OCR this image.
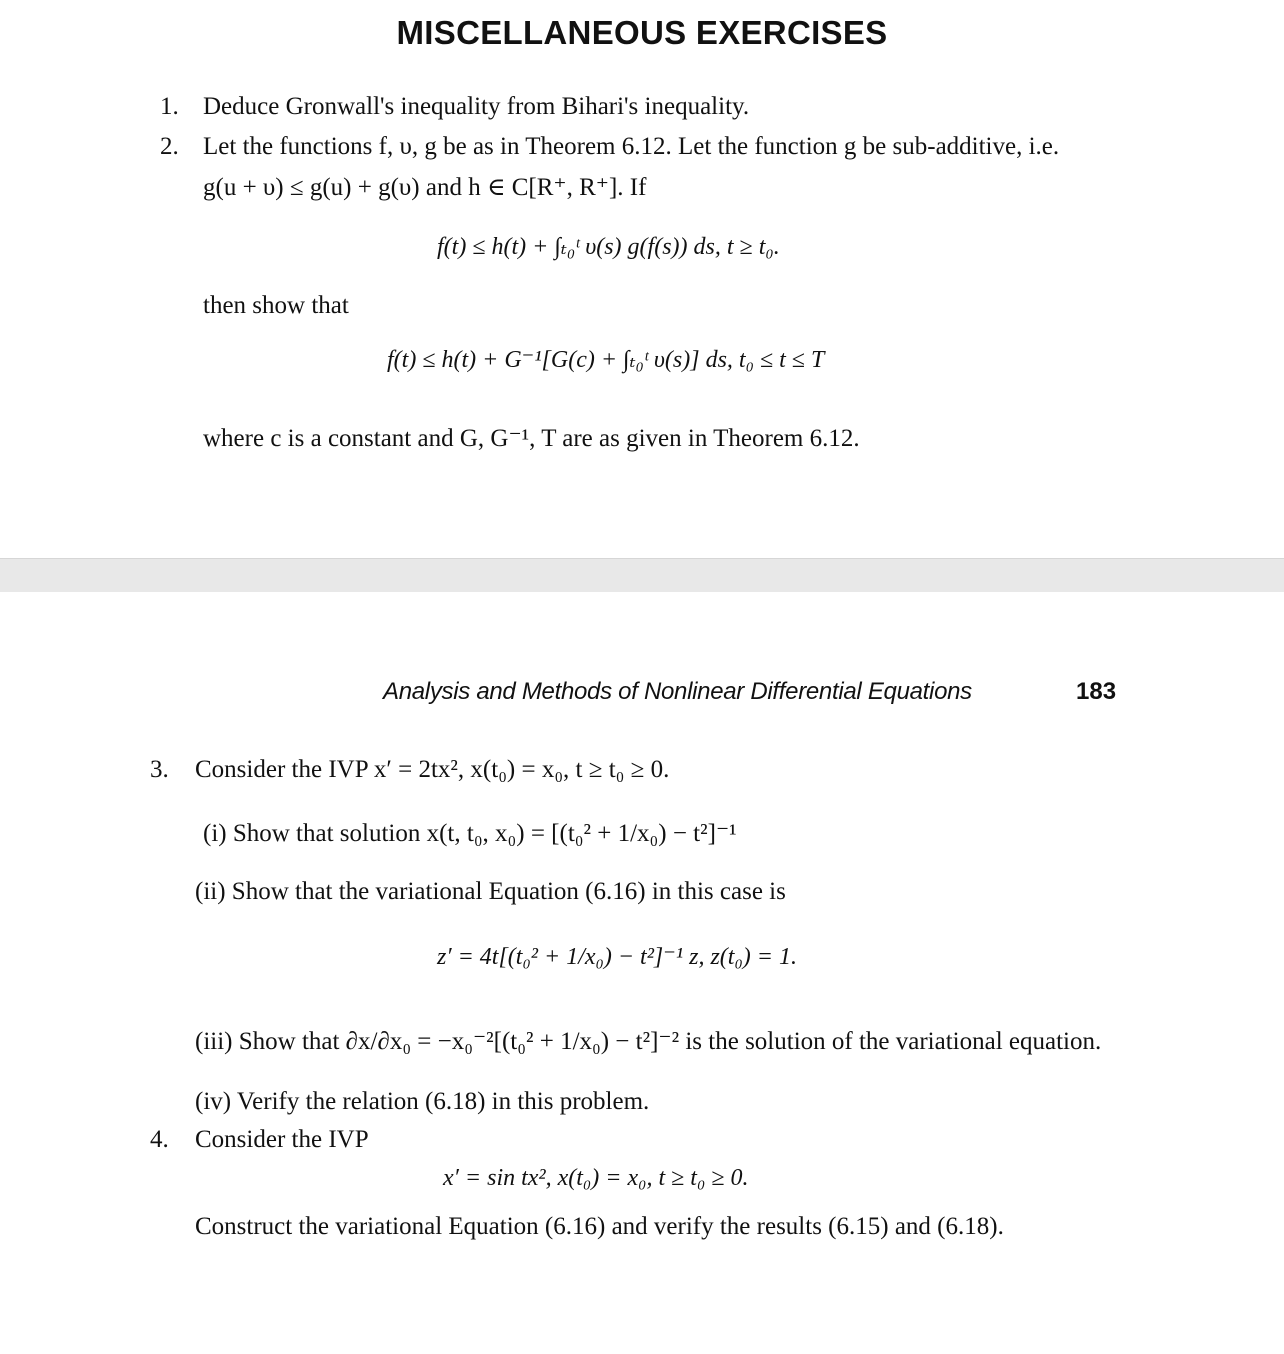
MISCELLANEOUS EXERCISES
1. Deduce Gronwall's inequality from Bihari's inequality.
2. Let the functions f, υ, g be as in Theorem 6.12. Let the function g be sub-additive, i.e.
g(u + υ) ≤ g(u) + g(υ) and h ∈ C[R⁺, R⁺]. If
f(t) ≤ h(t) + ∫ₜ₀ᵗ υ(s) g(f(s)) ds, t ≥ t₀.
then show that
f(t) ≤ h(t) + G⁻¹[G(c) + ∫ₜ₀ᵗ υ(s)] ds, t₀ ≤ t ≤ T
where c is a constant and G, G⁻¹, T are as given in Theorem 6.12.
Analysis and Methods of Nonlinear Differential Equations	183
3. Consider the IVP x′ = 2tx², x(t₀) = x₀, t ≥ t₀ ≥ 0.
(i) Show that solution x(t, t₀, x₀) = [(t₀² + 1/x₀) − t²]⁻¹
(ii) Show that the variational Equation (6.16) in this case is
z′ = 4t[(t₀² + 1/x₀) − t²]⁻¹ z, z(t₀) = 1.
(iii) Show that ∂x/∂x₀ = −x₀⁻²[(t₀² + 1/x₀) − t²]⁻² is the solution of the variational equation.
(iv) Verify the relation (6.18) in this problem.
4. Consider the IVP
x′ = sin tx², x(t₀) = x₀, t ≥ t₀ ≥ 0.
Construct the variational Equation (6.16) and verify the results (6.15) and (6.18).
